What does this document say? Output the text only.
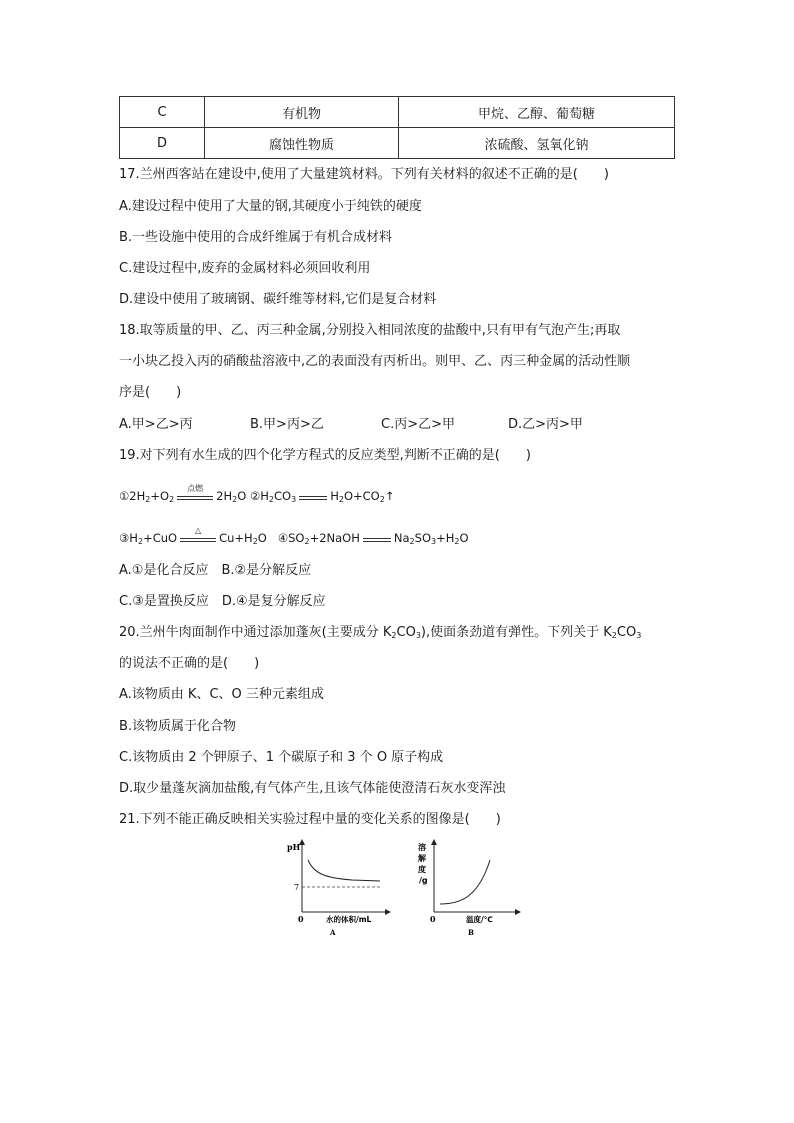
C	有机物	甲烷、乙醇、葡萄糖
D	腐蚀性物质	浓硫酸、氢氧化钠
17.兰州西客站在建设中,使用了大量建筑材料。下列有关材料的叙述不正确的是(　　)
A.建设过程中使用了大量的钢,其硬度小于纯铁的硬度
B.一些设施中使用的合成纤维属于有机合成材料
C.建设过程中,废弃的金属材料必须回收利用
D.建设中使用了玻璃钢、碳纤维等材料,它们是复合材料
18.取等质量的甲、乙、丙三种金属,分别投入相同浓度的盐酸中,只有甲有气泡产生;再取
一小块乙投入丙的硝酸盐溶液中,乙的表面没有丙析出。则甲、乙、丙三种金属的活动性顺
序是(　　)
A.甲>乙>丙	B.甲>丙>乙	C.丙>乙>甲	D.乙>丙>甲
19.对下列有水生成的四个化学方程式的反应类型,判断不正确的是(　　)
$①2H_2+O_2$
点燃
$2H_2O$ $②H_2CO_3$	$H_2O+CO_2↑$
$③H_2+CuO$
△
$Cu+H_2O$ $④SO_2+2NaOH$	$Na_2SO_3+H_2O$
A.①是化合反应　B.②是分解反应
C.③是置换反应　D.④是复分解反应
20.兰州牛肉面制作中通过添加蓬灰(主要成分 K2CO3),使面条劲道有弹性。下列关于 K2CO3
的说法不正确的是(　　)
A.该物质由 K、C、O 三种元素组成
B.该物质属于化合物
C.该物质由 2 个钾原子、1 个碳原子和 3 个 O 原子构成
D.取少量蓬灰滴加盐酸,有气体产生,且该气体能使澄清石灰水变浑浊
21.下列不能正确反映相关实验过程中量的变化关系的图像是(　　)
pH
7
0	水的体积/mL
A
溶
解
度
/g
0	温度/℃
B
